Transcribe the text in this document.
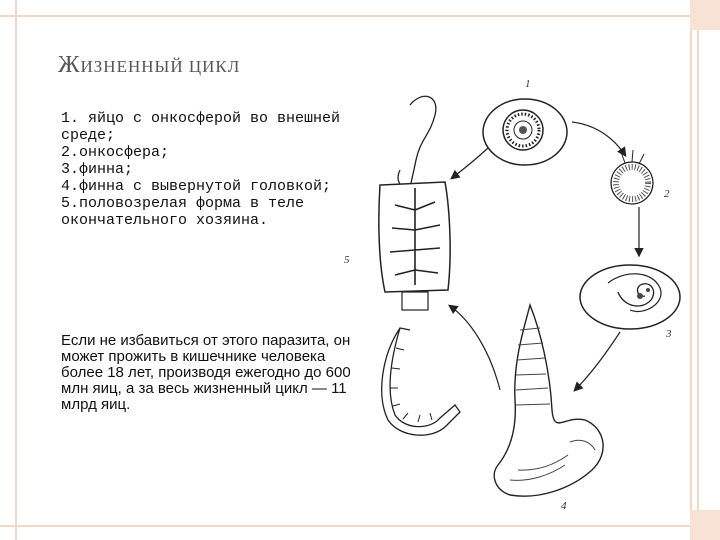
ЖИЗНЕННЫЙ ЦИКЛ
1. яйцо с онкосферой во внешней среде;
2.онкосфера;
3.финна;
4.финна с вывернутой головкой;
5.половозрелая форма в теле окончательного хозяина.

Если не избавиться от этого паразита, он может прожить в кишечнике человека более 18 лет, производя ежегодно до 600 млн яиц, а за весь жизненный цикл — 11 млрд яиц.

1
2
3
4
5
